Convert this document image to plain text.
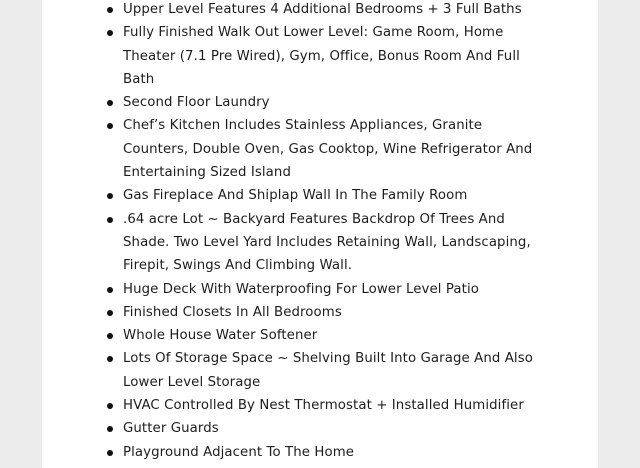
Upper Level Features 4 Additional Bedrooms + 3 Full Baths
Fully Finished Walk Out Lower Level: Game Room, Home Theater (7.1 Pre Wired), Gym, Office, Bonus Room And Full Bath
Second Floor Laundry
Chef’s Kitchen Includes Stainless Appliances, Granite Counters, Double Oven, Gas Cooktop, Wine Refrigerator And Entertaining Sized Island
Gas Fireplace And Shiplap Wall In The Family Room
.64 acre Lot ~ Backyard Features Backdrop Of Trees And Shade. Two Level Yard Includes Retaining Wall, Landscaping, Firepit, Swings And Climbing Wall.
Huge Deck With Waterproofing For Lower Level Patio
Finished Closets In All Bedrooms
Whole House Water Softener
Lots Of Storage Space ~ Shelving Built Into Garage And Also Lower Level Storage
HVAC Controlled By Nest Thermostat + Installed Humidifier
Gutter Guards
Playground Adjacent To The Home
